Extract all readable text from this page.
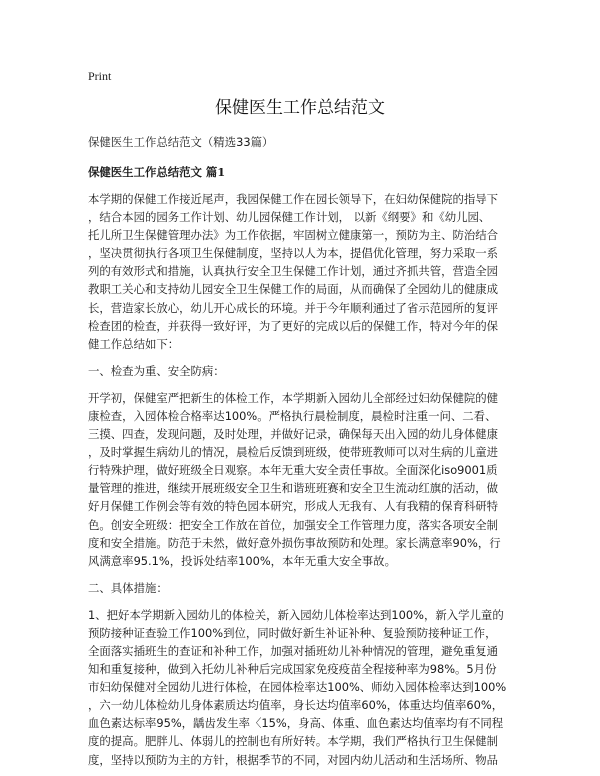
Print
保健医生工作总结范文
保健医生工作总结范文（精选33篇）
保健医生工作总结范文 篇1
本学期的保健工作接近尾声，我园保健工作在园长领导下，在妇幼保健院的指导下
，结合本园的园务工作计划、幼儿园保健工作计划， 以新《纲要》和《幼儿园、
托儿所卫生保健管理办法》为工作依据，牢固树立健康第一，预防为主、防治结合
，坚决贯彻执行各项卫生保健制度，坚持以人为本，提倡优化管理，努力采取一系
列的有效形式和措施，认真执行安全卫生保健工作计划，通过齐抓共管，营造全园
教职工关心和支持幼儿园安全卫生保健工作的局面，从而确保了全园幼儿的健康成
长，营造家长放心，幼儿开心成长的环境。并于今年顺利通过了省示范园所的复评
检查团的检查，并获得一致好评，为了更好的完成以后的保健工作，特对今年的保
健工作总结如下：
一、检查为重、安全防病：
开学初，保健室严把新生的体检工作，本学期新入园幼儿全部经过妇幼保健院的健
康检查，入园体检合格率达100%。严格执行晨检制度，晨检时注重一问、二看、
三摸、四查，发现问题，及时处理，并做好记录，确保每天出入园的幼儿身体健康
，及时掌握生病幼儿的情况，晨检后反馈到班级，使带班教师可以对生病的儿童进
行特殊护理，做好班级全日观察。本年无重大安全责任事故。全面深化iso9001质
量管理的推进，继续开展班级安全卫生和谐班班赛和安全卫生流动红旗的活动，做
好月保健工作例会等有效的特色园本研究，形成人无我有、人有我精的保育科研特
色。创安全班级：把安全工作放在首位，加强安全工作管理力度，落实各项安全制
度和安全措施。防范于未然，做好意外损伤事故预防和处理。家长满意率90%，行
风满意率95.1%，投诉处结率100%，本年无重大安全事故。
二、具体措施：
1、把好本学期新入园幼儿的体检关，新入园幼儿体检率达到100%，新入学儿童的
预防接种证查验工作100%到位，同时做好新生补证补种、复验预防接种证工作，
全面落实插班生的查证和补种工作，加强对插班幼儿补种情况的管理，避免重复通
知和重复接种，做到入托幼儿补种后完成国家免疫疫苗全程接种率为98%。5月份
市妇幼保健对全园幼儿进行体检，在园体检率达100%、师幼入园体检率达到100%
，六一幼儿体检幼儿身体素质达均值率，身长达均值率60%，体重达均值率60%，
血色素达标率95%，龋齿发生率〈15%，身高、体重、血色素达均值率均有不同程
度的提高。肥胖儿、体弱儿的控制也有所好转。本学期，我们严格执行卫生保健制
度，坚持以预防为主的方针，根据季节的不同，对园内幼儿活动和生活场所、物品
